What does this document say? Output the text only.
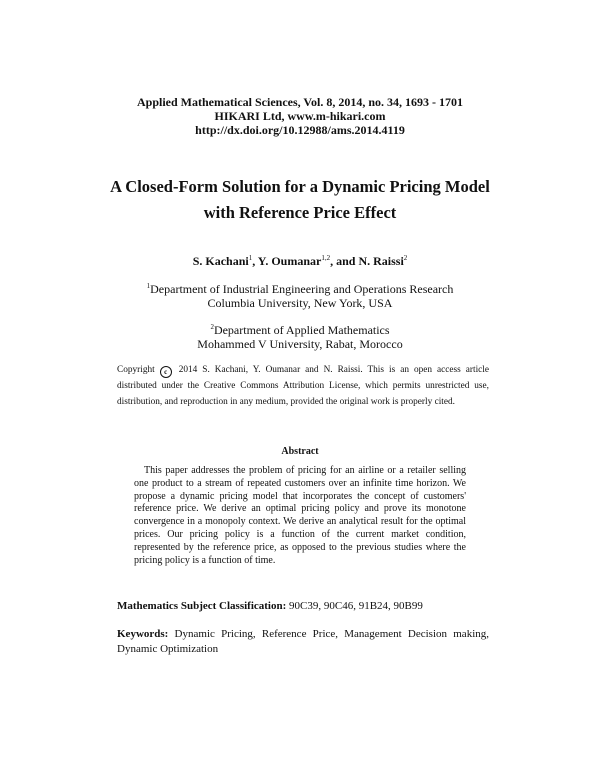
Applied Mathematical Sciences, Vol. 8, 2014, no. 34, 1693 - 1701
HIKARI Ltd, www.m-hikari.com
http://dx.doi.org/10.12988/ams.2014.4119
A Closed-Form Solution for a Dynamic Pricing Model
with Reference Price Effect
S. Kachani$^1$, Y. Oumanar$^{1,2}$, and N. Raissi$^2$
$^1$Department of Industrial Engineering and Operations Research
Columbia University, New York, USA
$^2$Department of Applied Mathematics
Mohammed V University, Rabat, Morocco
Copyright c 2014 S. Kachani, Y. Oumanar and N. Raissi. This is an open access article distributed under the Creative Commons Attribution License, which permits unrestricted use, distribution, and reproduction in any medium, provided the original work is properly cited.
Abstract
This paper addresses the problem of pricing for an airline or a retailer selling one product to a stream of repeated customers over an infinite time horizon. We propose a dynamic pricing model that incorporates the concept of customers' reference price. We derive an optimal pricing policy and prove its monotone convergence in a monopoly context. We derive an analytical result for the optimal prices. Our pricing policy is a function of the current market condition, represented by the reference price, as opposed to the previous studies where the pricing policy is a function of time.
Mathematics Subject Classification: 90C39, 90C46, 91B24, 90B99
Keywords: Dynamic Pricing, Reference Price, Management Decision making, Dynamic Optimization
